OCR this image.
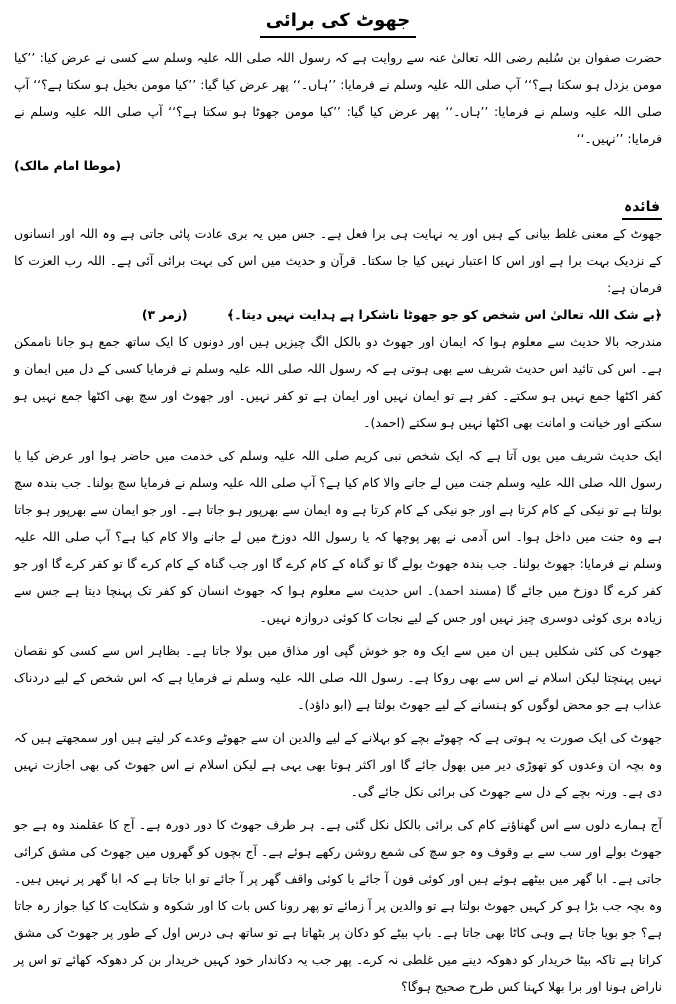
جھوٹ کی برائی

حضرت صفوان بن سُلیم رضی اللہ تعالیٰ عنہ سے روایت ہے کہ رسول اللہ صلی اللہ علیہ وسلم سے کسی نے عرض کیا: ’’کیا مومن بزدل ہو سکتا ہے؟‘‘ آپ صلی اللہ علیہ وسلم نے فرمایا: ’’ہاں۔‘‘ پھر عرض کیا گیا: ’’کیا مومن بخیل ہو سکتا ہے؟‘‘ آپ صلی اللہ علیہ وسلم نے فرمایا: ’’ہاں۔‘‘ پھر عرض کیا گیا: ’’کیا مومن جھوٹا ہو سکتا ہے؟‘‘ آپ صلی اللہ علیہ وسلم نے فرمایا: ’’نہیں۔‘‘

(موطا امام مالک)
فائدہ

جھوٹ کے معنی غلط بیانی کے ہیں اور یہ نہایت ہی برا فعل ہے۔ جس میں یہ بری عادت پائی جاتی ہے وہ اللہ اور انسانوں کے نزدیک بہت برا ہے اور اس کا اعتبار نہیں کیا جا سکتا۔ قرآن و حدیث میں اس کی بہت برائی آئی ہے۔ اللہ رب العزت کا فرمان ہے:

﴿بے شک اللہ تعالیٰ اس شخص کو جو جھوٹا ناشکرا ہے ہدایت نہیں دیتا۔﴾          (زمر ۳)

مندرجہ بالا حدیث سے معلوم ہوا کہ ایمان اور جھوٹ دو بالکل الگ چیزیں ہیں اور دونوں کا ایک ساتھ جمع ہو جانا ناممکن ہے۔ اس کی تائید اس حدیث شریف سے بھی ہوتی ہے کہ رسول اللہ صلی اللہ علیہ وسلم نے فرمایا کسی کے دل میں ایمان و کفر اکٹھا جمع نہیں ہو سکتے۔ کفر ہے تو ایمان نہیں اور ایمان ہے تو کفر نہیں۔ اور جھوٹ اور سچ بھی اکٹھا جمع نہیں ہو سکتے اور خیانت و امانت بھی اکٹھا نہیں ہو سکتے (احمد)۔

ایک حدیث شریف میں یوں آتا ہے کہ ایک شخص نبی کریم صلی اللہ علیہ وسلم کی خدمت میں حاضر ہوا اور عرض کیا یا رسول اللہ صلی اللہ علیہ وسلم جنت میں لے جانے والا کام کیا ہے؟ آپ صلی اللہ علیہ وسلم نے فرمایا سچ بولنا۔ جب بندہ سچ بولتا ہے تو نیکی کے کام کرتا ہے اور جو نیکی کے کام کرتا ہے وہ ایمان سے بھرپور ہو جاتا ہے۔ اور جو ایمان سے بھرپور ہو جاتا ہے وہ جنت میں داخل ہوا۔ اس آدمی نے پھر پوچھا کہ یا رسول اللہ دوزخ میں لے جانے والا کام کیا ہے؟ آپ صلی اللہ علیہ وسلم نے فرمایا: جھوٹ بولنا۔ جب بندہ جھوٹ بولے گا تو گناہ کے کام کرے گا اور جب گناہ کے کام کرے گا تو کفر کرے گا اور جو کفر کرے گا دوزخ میں جائے گا (مسند احمد)۔ اس حدیث سے معلوم ہوا کہ جھوٹ انسان کو کفر تک پہنچا دیتا ہے جس سے زیادہ بری کوئی دوسری چیز نہیں اور جس کے لیے نجات کا کوئی دروازہ نہیں۔

جھوٹ کی کئی شکلیں ہیں ان میں سے ایک وہ جو خوش گپی اور مذاق میں بولا جاتا ہے۔ بظاہر اس سے کسی کو نقصان نہیں پہنچتا لیکن اسلام نے اس سے بھی روکا ہے۔ رسول اللہ صلی اللہ علیہ وسلم نے فرمایا ہے کہ اس شخص کے لیے دردناک عذاب ہے جو محض لوگوں کو ہنسانے کے لیے جھوٹ بولتا ہے (ابو داؤد)۔

جھوٹ کی ایک صورت یہ ہوتی ہے کہ چھوٹے بچے کو بہلانے کے لیے والدین ان سے جھوٹے وعدے کر لیتے ہیں اور سمجھتے ہیں کہ وہ بچہ ان وعدوں کو تھوڑی دیر میں بھول جائے گا اور اکثر ہوتا بھی یہی ہے لیکن اسلام نے اس جھوٹ کی بھی اجازت نہیں دی ہے۔ ورنہ بچے کے دل سے جھوٹ کی برائی نکل جائے گی۔

آج ہمارے دلوں سے اس گھناؤنے کام کی برائی بالکل نکل گئی ہے۔ ہر طرف جھوٹ کا دور دورہ ہے۔ آج کا عقلمند وہ ہے جو جھوٹ بولے اور سب سے بے وقوف وہ جو سچ کی شمع روشن رکھے ہوئے ہے۔ آج بچوں کو گھروں میں جھوٹ کی مشق کرائی جاتی ہے۔ ابا گھر میں بیٹھے ہوئے ہیں اور کوئی فون آ جائے یا کوئی واقف گھر پر آ جائے تو ابا جاتا ہے کہ ابا گھر پر نہیں ہیں۔ وہ بچہ جب بڑا ہو کر کہیں جھوٹ بولتا ہے تو والدین پر آ زمائے تو پھر رونا کس بات کا اور شکوہ و شکایت کا کیا جواز رہ جاتا ہے؟ جو بویا جاتا ہے وہی کاٹا بھی جاتا ہے۔ باپ بیٹے کو دکان پر بٹھاتا ہے تو ساتھ ہی درس اول کے طور پر جھوٹ کی مشق کراتا ہے تاکہ بیٹا خریدار کو دھوکہ دینے میں غلطی نہ کرے۔ پھر جب یہ دکاندار خود کہیں خریدار بن کر دھوکہ کھائے تو اس پر ناراض ہونا اور برا بھلا کہنا کس طرح صحیح ہوگا؟
